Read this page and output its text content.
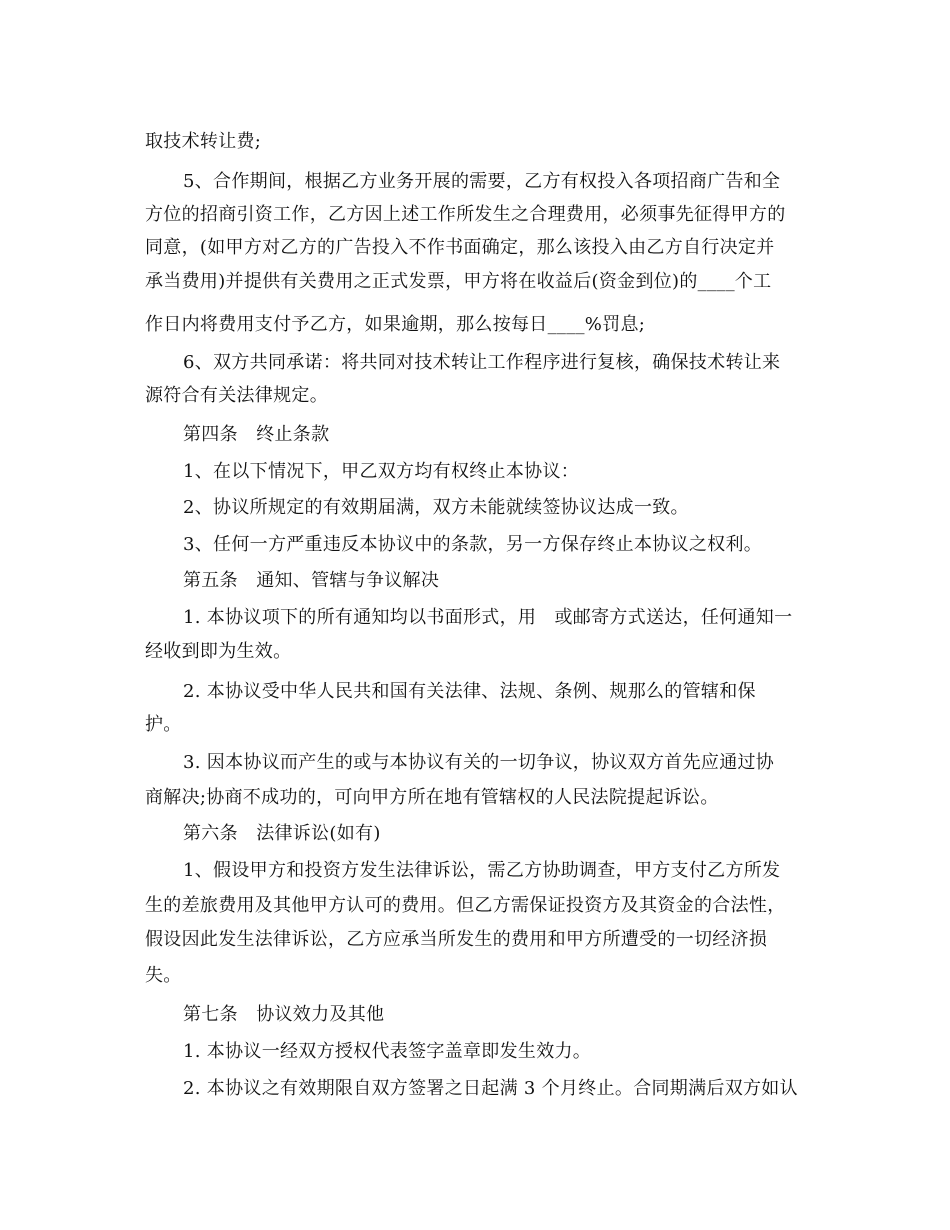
取技术转让费;
5、合作期间，根据乙方业务开展的需要，乙方有权投入各项招商广告和全
方位的招商引资工作，乙方因上述工作所发生之合理费用，必须事先征得甲方的
同意，(如甲方对乙方的广告投入不作书面确定，那么该投入由乙方自行决定并
承当费用)并提供有关费用之正式发票，甲方将在收益后(资金到位)的____个工
作日内将费用支付予乙方，如果逾期，那么按每日____%罚息;
6、双方共同承诺：将共同对技术转让工作程序进行复核，确保技术转让来
源符合有关法律规定。
第四条　终止条款
1、在以下情况下，甲乙双方均有权终止本协议：
2、协议所规定的有效期届满，双方未能就续签协议达成一致。
3、任何一方严重违反本协议中的条款，另一方保存终止本协议之权利。
第五条　通知、管辖与争议解决
1. 本协议项下的所有通知均以书面形式，用　或邮寄方式送达，任何通知一
经收到即为生效。
2. 本协议受中华人民共和国有关法律、法规、条例、规那么的管辖和保
护。
3. 因本协议而产生的或与本协议有关的一切争议，协议双方首先应通过协
商解决;协商不成功的，可向甲方所在地有管辖权的人民法院提起诉讼。
第六条　法律诉讼(如有)
1、假设甲方和投资方发生法律诉讼，需乙方协助调查，甲方支付乙方所发
生的差旅费用及其他甲方认可的费用。但乙方需保证投资方及其资金的合法性，
假设因此发生法律诉讼，乙方应承当所发生的费用和甲方所遭受的一切经济损
失。
第七条　协议效力及其他
1. 本协议一经双方授权代表签字盖章即发生效力。
2. 本协议之有效期限自双方签署之日起满 3 个月终止。合同期满后双方如认
